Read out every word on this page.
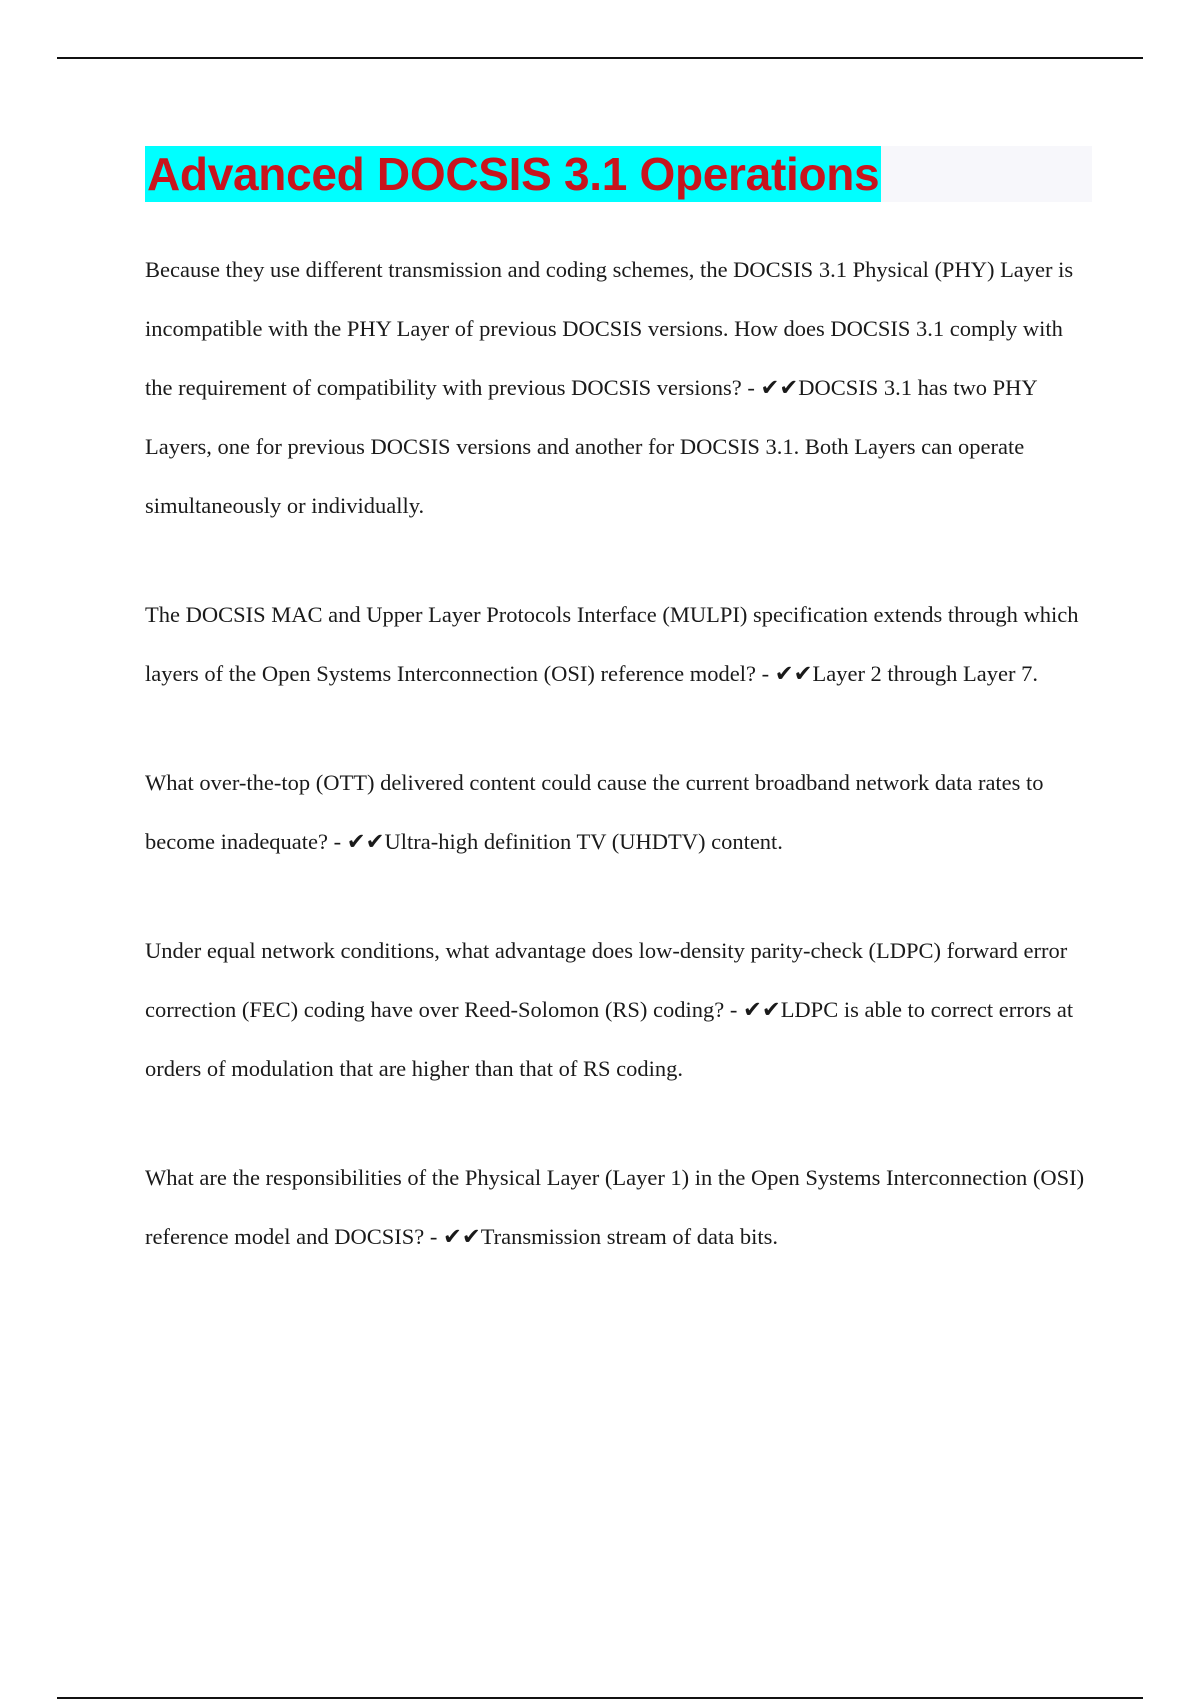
Advanced DOCSIS 3.1 Operations

Because they use different transmission and coding schemes, the DOCSIS 3.1 Physical (PHY) Layer is incompatible with the PHY Layer of previous DOCSIS versions. How does DOCSIS 3.1 comply with the requirement of compatibility with previous DOCSIS versions? - ✔✔DOCSIS 3.1 has two PHY Layers, one for previous DOCSIS versions and another for DOCSIS 3.1. Both Layers can operate simultaneously or individually.

The DOCSIS MAC and Upper Layer Protocols Interface (MULPI) specification extends through which layers of the Open Systems Interconnection (OSI) reference model? - ✔✔Layer 2 through Layer 7.

What over-the-top (OTT) delivered content could cause the current broadband network data rates to become inadequate? - ✔✔Ultra-high definition TV (UHDTV) content.

Under equal network conditions, what advantage does low-density parity-check (LDPC) forward error correction (FEC) coding have over Reed-Solomon (RS) coding? - ✔✔LDPC is able to correct errors at orders of modulation that are higher than that of RS coding.

What are the responsibilities of the Physical Layer (Layer 1) in the Open Systems Interconnection (OSI) reference model and DOCSIS? - ✔✔Transmission stream of data bits.
